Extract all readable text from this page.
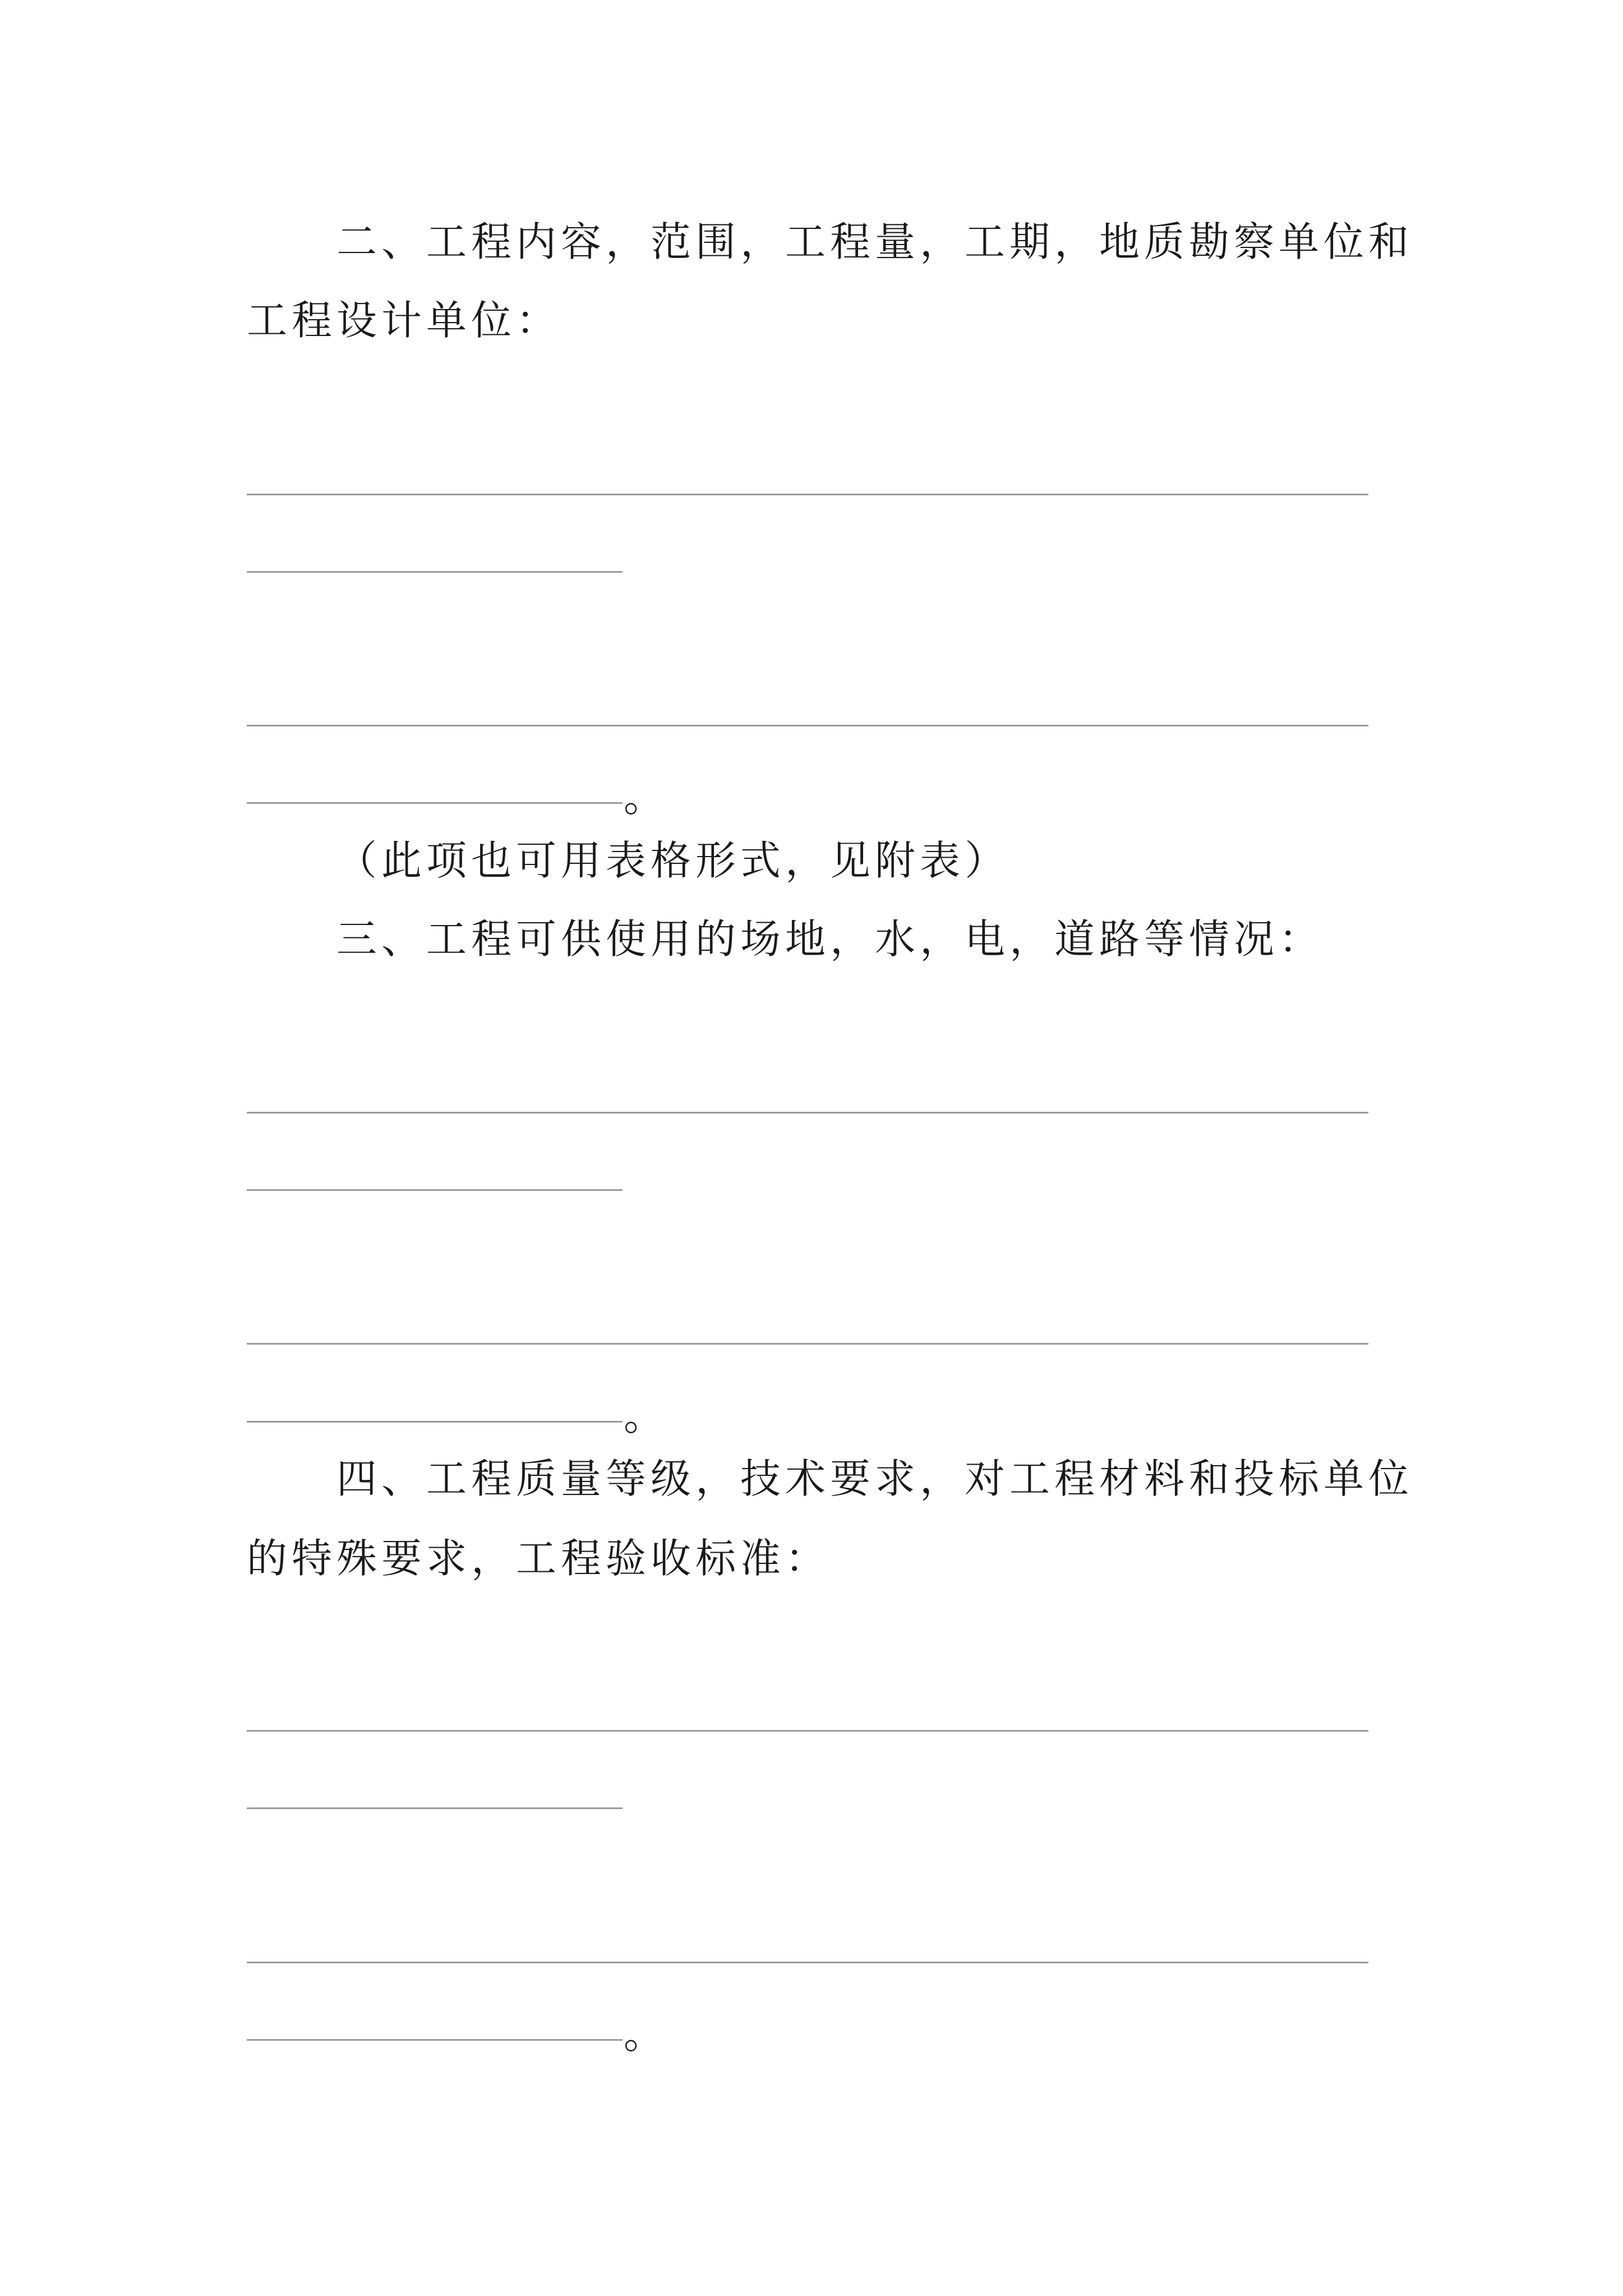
二、工程内容，范围，工程量，工期，地质勘察单位和
工程设计单位：
。
（此项也可用表格形式，见附表）
三、工程可供使用的场地，水，电，道路等情况：
。
四、工程质量等级，技术要求，对工程材料和投标单位
的特殊要求，工程验收标准：
。
